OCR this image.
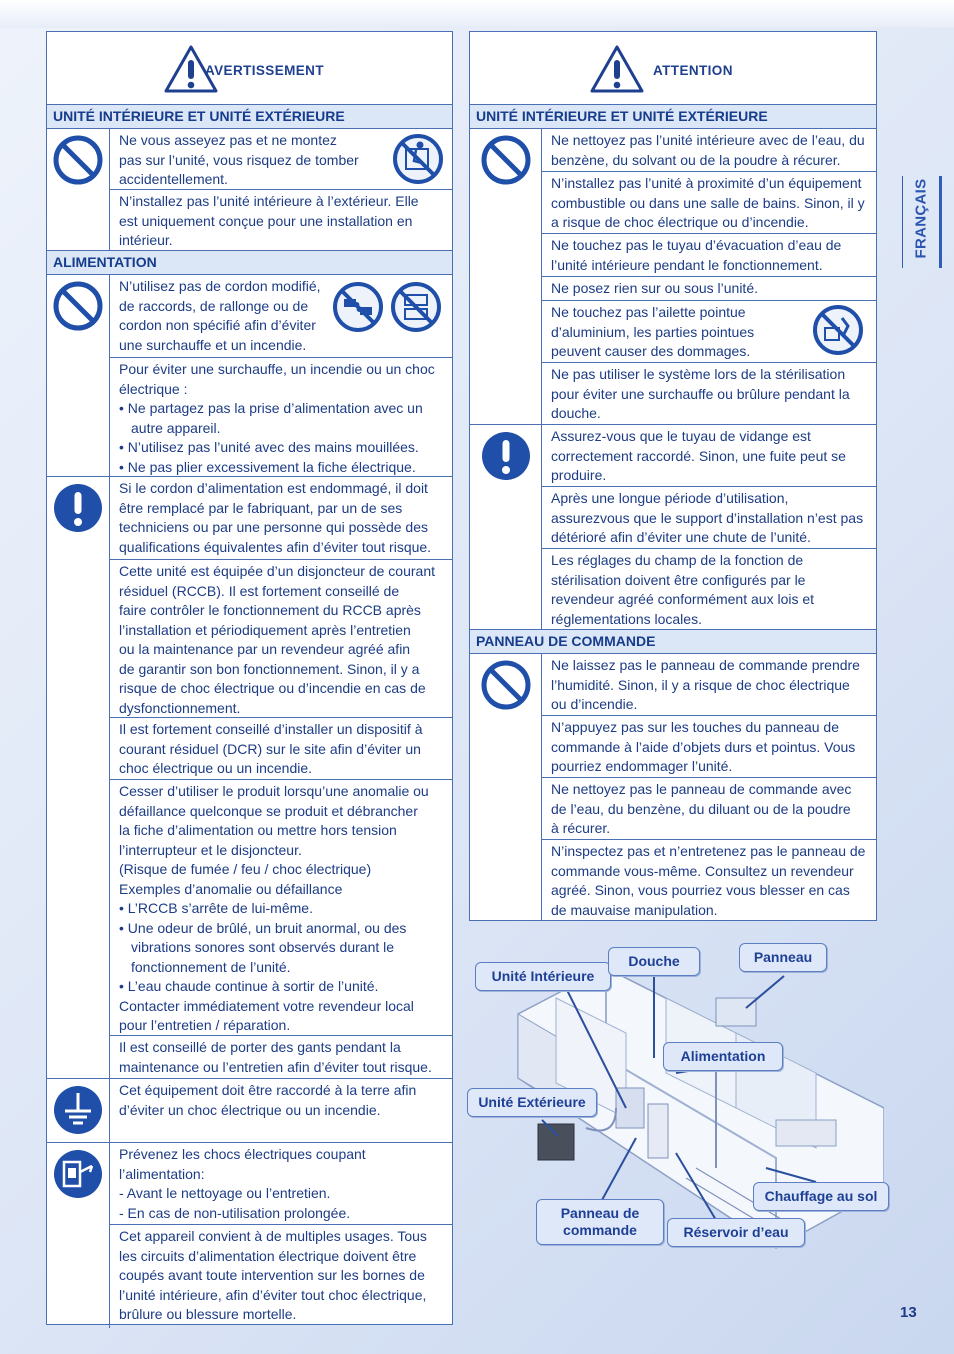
AVERTISSEMENT
UNITÉ INTÉRIEURE ET UNITÉ EXTÉRIEURE
Ne vous asseyez pas et ne montez
pas sur l’unité, vous risquez de tomber
accidentellement.
N’installez pas l’unité intérieure à l’extérieur. Elle
est uniquement conçue pour une installation en
intérieur.
ALIMENTATION
N’utilisez pas de cordon modifié,
de raccords, de rallonge ou de
cordon non spécifié afin d’éviter
une surchauffe et un incendie.
Pour éviter une surchauffe, un incendie ou un choc
électrique :
• Ne partagez pas la prise d’alimentation avec un autre appareil.
• N’utilisez pas l’unité avec des mains mouillées.
• Ne pas plier excessivement la fiche électrique.
Si le cordon d’alimentation est endommagé, il doit
être remplacé par le fabriquant, par un de ses
techniciens ou par une personne qui possède des
qualifications équivalentes afin d’éviter tout risque.
Cette unité est équipée d’un disjoncteur de courant
résiduel (RCCB). Il est fortement conseillé de
faire contrôler le fonctionnement du RCCB après
l’installation et périodiquement après l’entretien
ou la maintenance par un revendeur agréé afin
de garantir son bon fonctionnement. Sinon, il y a
risque de choc électrique ou d’incendie en cas de
dysfonctionnement.
Il est fortement conseillé d’installer un dispositif à
courant résiduel (DCR) sur le site afin d’éviter un
choc électrique ou un incendie.
Cesser d’utiliser le produit lorsqu’une anomalie ou
défaillance quelconque se produit et débrancher
la fiche d’alimentation ou mettre hors tension
l’interrupteur et le disjoncteur.
(Risque de fumée / feu / choc électrique)
Exemples d’anomalie ou défaillance
• L’RCCB s’arrête de lui-même.
• Une odeur de brûlé, un bruit anormal, ou des vibrations sonores sont observés durant le fonctionnement de l’unité.
• L’eau chaude continue à sortir de l’unité.
Contacter immédiatement votre revendeur local
pour l’entretien / réparation.
Il est conseillé de porter des gants pendant la
maintenance ou l’entretien afin d’éviter tout risque.
Cet équipement doit être raccordé à la terre afin
d’éviter un choc électrique ou un incendie.
Prévenez les chocs électriques coupant
l’alimentation:
- Avant le nettoyage ou l’entretien.
- En cas de non-utilisation prolongée.
Cet appareil convient à de multiples usages. Tous
les circuits d’alimentation électrique doivent être
coupés avant toute intervention sur les bornes de
l’unité intérieure, afin d’éviter tout choc électrique,
brûlure ou blessure mortelle.
ATTENTION
UNITÉ INTÉRIEURE ET UNITÉ EXTÉRIEURE
Ne nettoyez pas l’unité intérieure avec de l’eau, du
benzène, du solvant ou de la poudre à récurer.
N’installez pas l’unité à proximité d’un équipement
combustible ou dans une salle de bains. Sinon, il y
a risque de choc électrique ou d’incendie.
Ne touchez pas le tuyau d’évacuation d’eau de
l’unité intérieure pendant le fonctionnement.
Ne posez rien sur ou sous l’unité.
Ne touchez pas l’ailette pointue
d’aluminium, les parties pointues
peuvent causer des dommages.
Ne pas utiliser le système lors de la stérilisation
pour éviter une surchauffe ou brûlure pendant la
douche.
Assurez-vous que le tuyau de vidange est
correctement raccordé. Sinon, une fuite peut se
produire.
Après une longue période d’utilisation,
assurezvous que le support d’installation n’est pas
détérioré afin d’éviter une chute de l’unité.
Les réglages du champ de la fonction de
stérilisation doivent être configurés par le
revendeur agréé conformément aux lois et
réglementations locales.
PANNEAU DE COMMANDE
Ne laissez pas le panneau de commande prendre
l’humidité. Sinon, il y a risque de choc électrique
ou d’incendie.
N’appuyez pas sur les touches du panneau de
commande à l’aide d’objets durs et pointus. Vous
pourriez endommager l’unité.
Ne nettoyez pas le panneau de commande avec
de l’eau, du benzène, du diluant ou de la poudre
à récurer.
N’inspectez pas et n’entretenez pas le panneau de
commande vous-même. Consultez un revendeur
agréé. Sinon, vous pourriez vous blesser en cas
de mauvaise manipulation.
FRANÇAIS
Unité Intérieure
Douche	Panneau
Alimentation
Unité Extérieure
Panneau de
commande	Réservoir d’eau
Chauffage au sol
13
